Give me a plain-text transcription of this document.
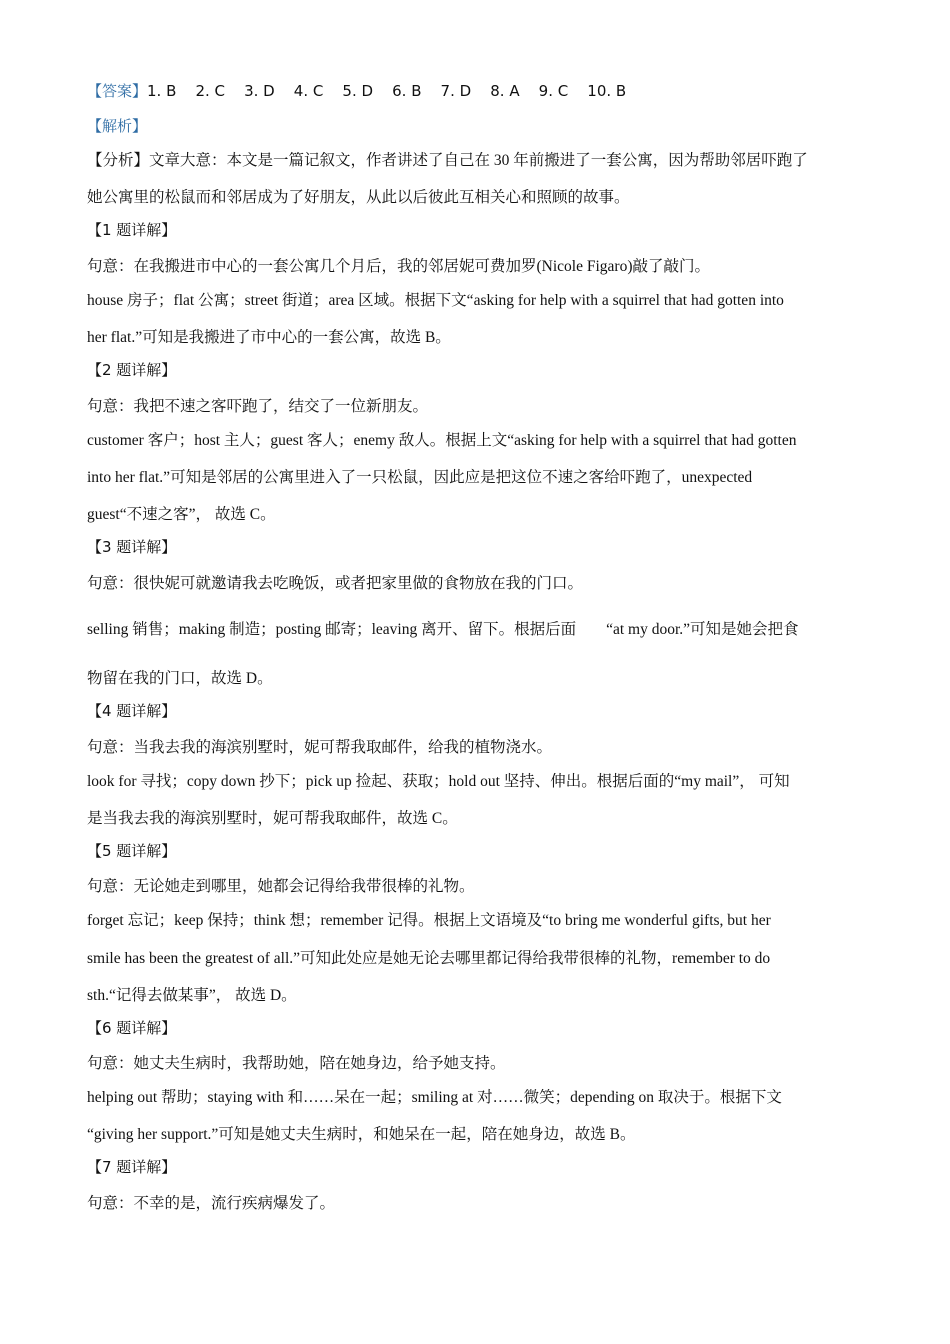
【答案】1. B    2. C    3. D    4. C    5. D    6. B    7. D    8. A    9. C    10. B
【解析】
【分析】文章大意：本文是一篇记叙文，作者讲述了自己在 30 年前搬进了一套公寓，因为帮助邻居吓跑了
她公寓里的松鼠而和邻居成为了好朋友，从此以后彼此互相关心和照顾的故事。
【1 题详解】
句意：在我搬进市中心的一套公寓几个月后，我的邻居妮可费加罗(Nicole Figaro)敲了敲门。
house 房子；flat 公寓；street 街道；area 区域。根据下文“asking for help with a squirrel that had gotten into
her flat.”可知是我搬进了市中心的一套公寓，故选 B。
【2 题详解】
句意：我把不速之客吓跑了，结交了一位新朋友。
customer 客户；host 主人；guest 客人；enemy 敌人。根据上文“asking for help with a squirrel that had gotten
into her flat.”可知是邻居的公寓里进入了一只松鼠，因此应是把这位不速之客给吓跑了，unexpected
guest“不速之客”， 故选 C。
【3 题详解】
句意：很快妮可就邀请我去吃晚饭，或者把家里做的食物放在我的门口。
selling 销售；making 制造；posting 邮寄；leaving 离开、留下。根据后面 “at my door.”可知是她会把食
物留在我的门口，故选 D。
【4 题详解】
句意：当我去我的海滨别墅时，妮可帮我取邮件，给我的植物浇水。
look for 寻找；copy down 抄下；pick up 捡起、获取；hold out 坚持、伸出。根据后面的“my mail”， 可知
是当我去我的海滨别墅时，妮可帮我取邮件，故选 C。
【5 题详解】
句意：无论她走到哪里，她都会记得给我带很棒的礼物。
forget 忘记；keep 保持；think 想；remember 记得。根据上文语境及“to bring me wonderful gifts, but her
smile has been the greatest of all.”可知此处应是她无论去哪里都记得给我带很棒的礼物，remember to do
sth.“记得去做某事”， 故选 D。
【6 题详解】
句意：她丈夫生病时，我帮助她，陪在她身边，给予她支持。
helping out 帮助；staying with 和……呆在一起；smiling at 对……微笑；depending on 取决于。根据下文
“giving her support.”可知是她丈夫生病时，和她呆在一起，陪在她身边，故选 B。
【7 题详解】
句意：不幸的是，流行疾病爆发了。
